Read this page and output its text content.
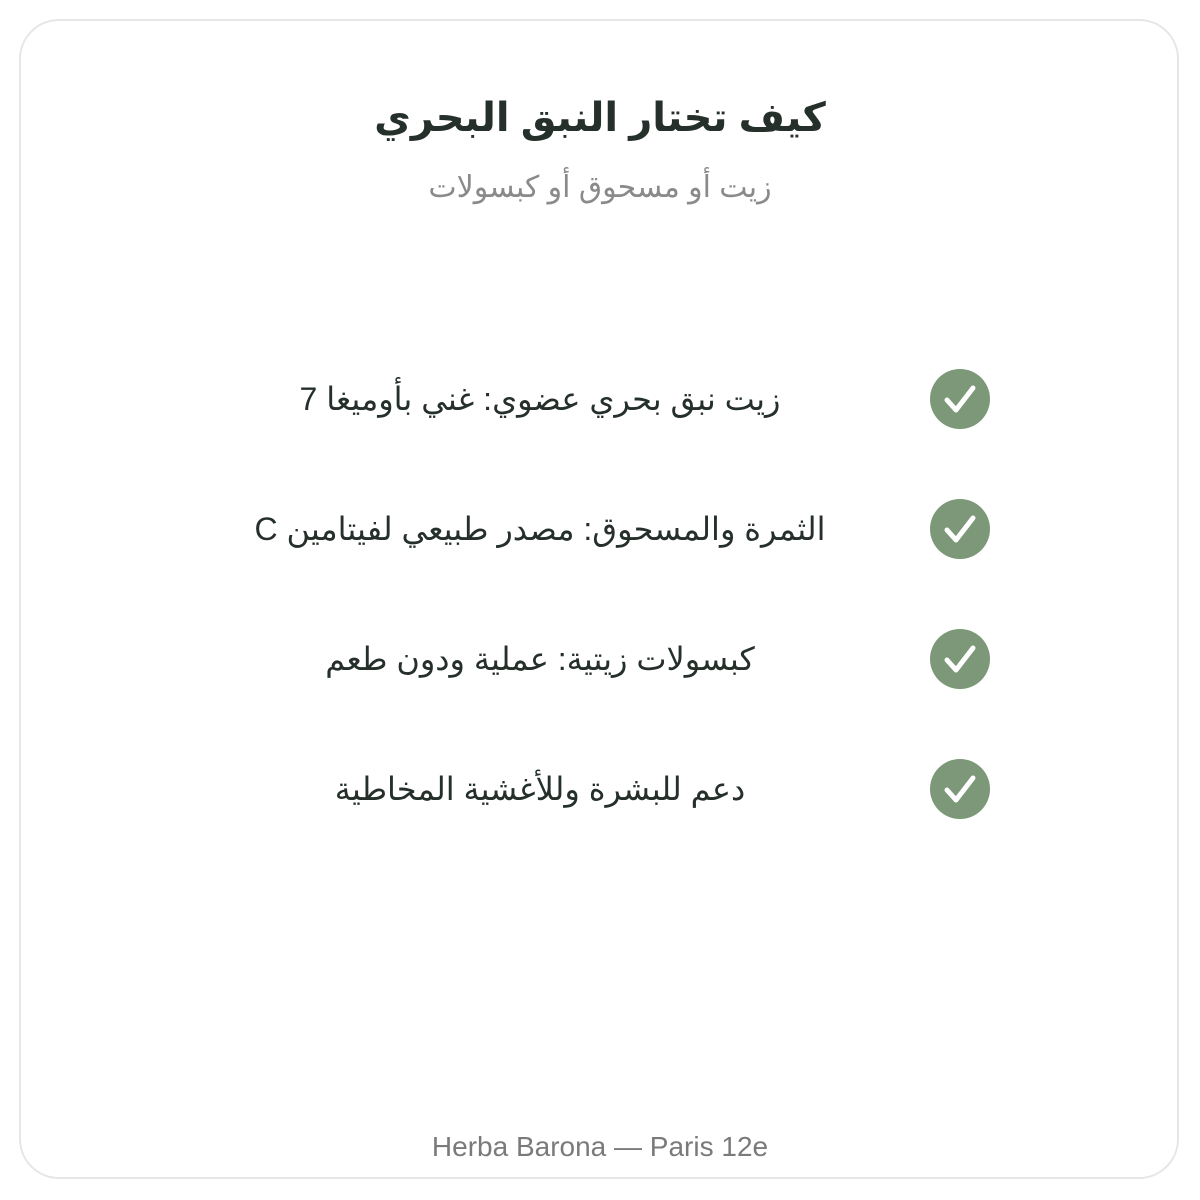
كيف تختار النبق البحري

زيت أو مسحوق أو كبسولات

زيت نبق بحري عضوي: غني بأوميغا 7
الثمرة والمسحوق: مصدر طبيعي لفيتامين C
كبسولات زيتية: عملية ودون طعم
دعم للبشرة وللأغشية المخاطية

Herba Barona — Paris 12e
